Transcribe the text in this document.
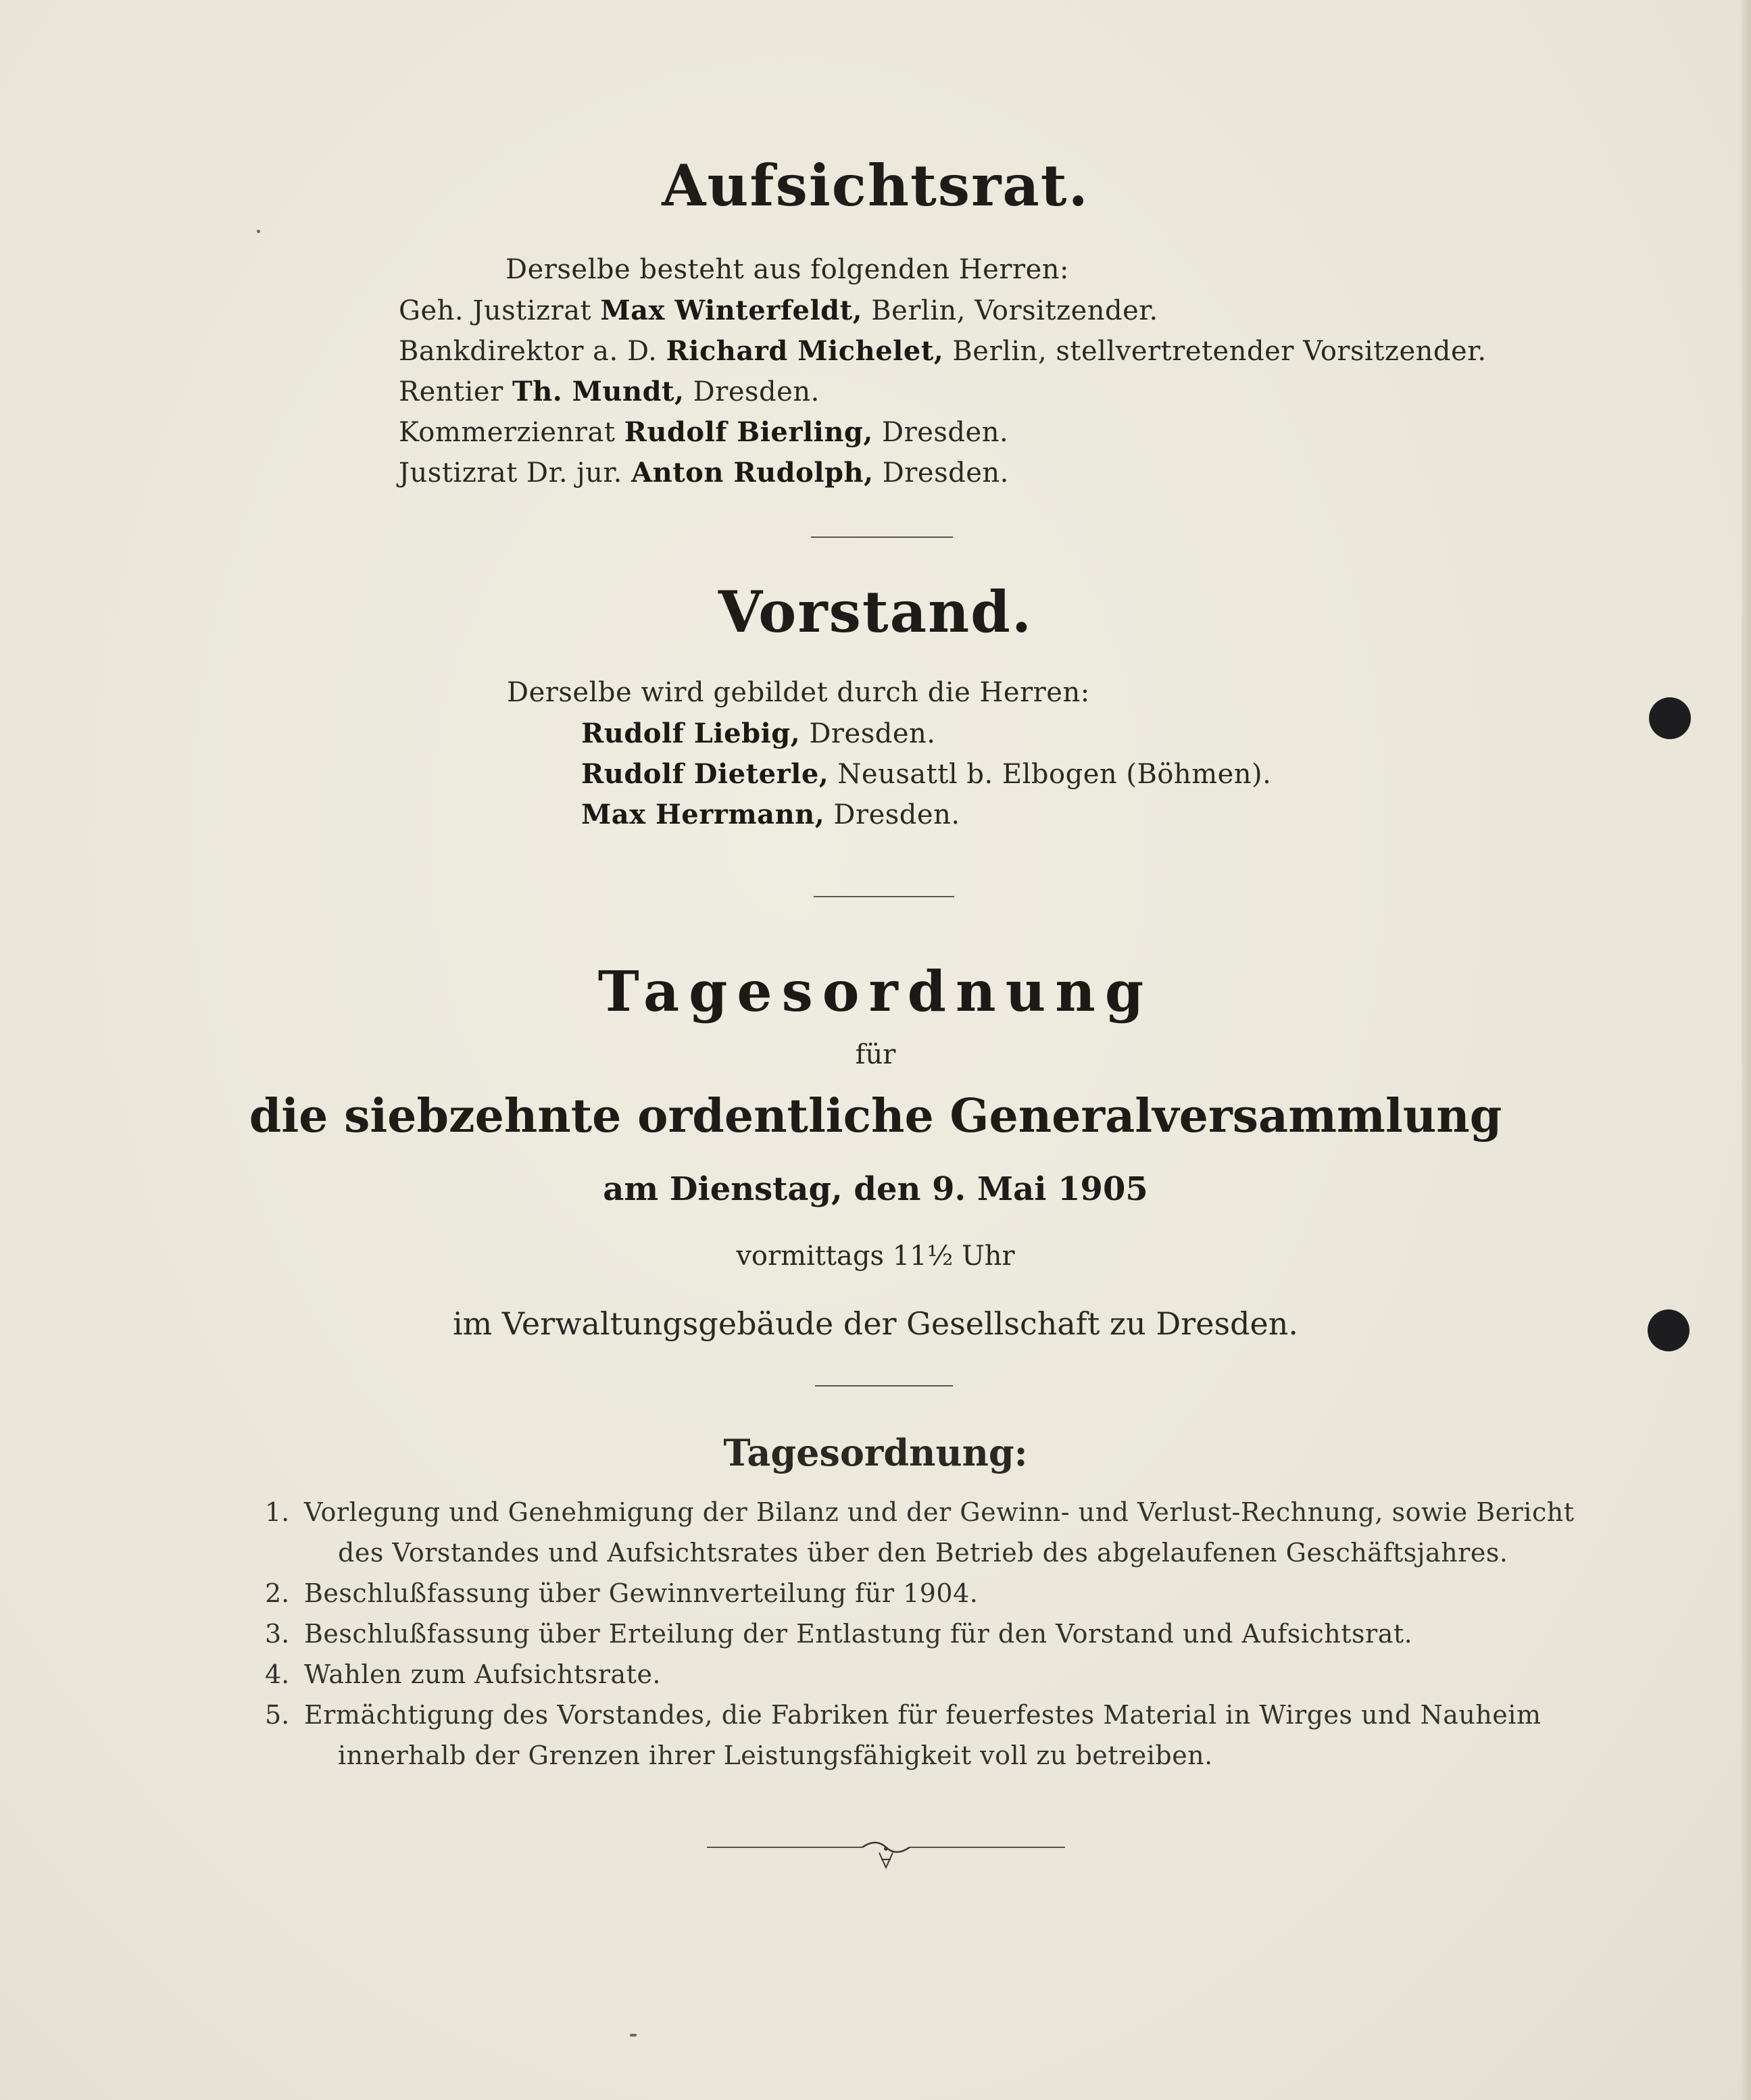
Aufsichtsrat.
Derselbe besteht aus folgenden Herren:
Geh. Justizrat Max Winterfeldt, Berlin, Vorsitzender.
Bankdirektor a. D. Richard Michelet, Berlin, stellvertretender Vorsitzender.
Rentier Th. Mundt, Dresden.
Kommerzienrat Rudolf Bierling, Dresden.
Justizrat Dr. jur. Anton Rudolph, Dresden.
Vorstand.
Derselbe wird gebildet durch die Herren:
Rudolf Liebig, Dresden.
Rudolf Dieterle, Neusattl b. Elbogen (Böhmen).
Max Herrmann, Dresden.
Tagesordnung
für
die siebzehnte ordentliche Generalversammlung
am Dienstag, den 9. Mai 1905
vormittags 11½ Uhr
im Verwaltungsgebäude der Gesellschaft zu Dresden.
Tagesordnung:
1. Vorlegung und Genehmigung der Bilanz und der Gewinn- und Verlust-Rechnung, sowie Bericht
des Vorstandes und Aufsichtsrates über den Betrieb des abgelaufenen Geschäftsjahres.
2. Beschlußfassung über Gewinnverteilung für 1904.
3. Beschlußfassung über Erteilung der Entlastung für den Vorstand und Aufsichtsrat.
4. Wahlen zum Aufsichtsrate.
5. Ermächtigung des Vorstandes, die Fabriken für feuerfestes Material in Wirges und Nauheim
innerhalb der Grenzen ihrer Leistungsfähigkeit voll zu betreiben.
